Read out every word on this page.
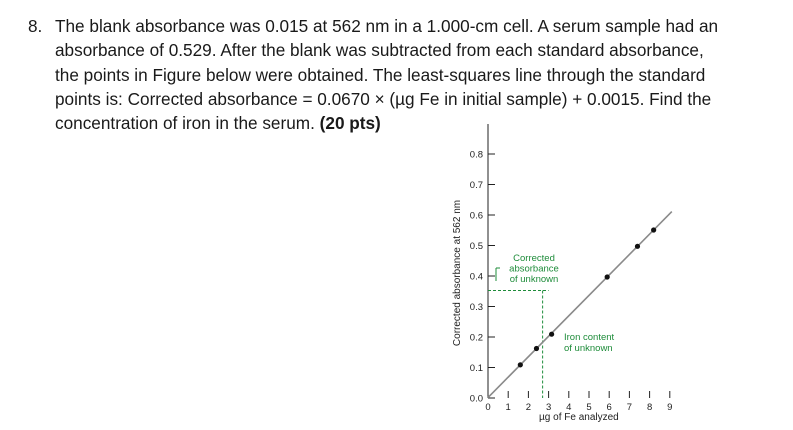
8. The blank absorbance was 0.015 at 562 nm in a 1.000-cm cell. A serum sample had an
absorbance of 0.529. After the blank was subtracted from each standard absorbance,
the points in Figure below were obtained. The least-squares line through the standard
points is: Corrected absorbance = 0.0670 × (µg Fe in initial sample) + 0.0015. Find the
concentration of iron in the serum. (20 pts)
0.0
0.1
0.2
0.3
0.4
0.5
0.6
0.7
0.8
0 1 2 3 4 5 6 7 8 9
µg of Fe analyzed
Corrected absorbance at 562 nm	Corrected
absorbance
of unknown
Iron content
of unknown
